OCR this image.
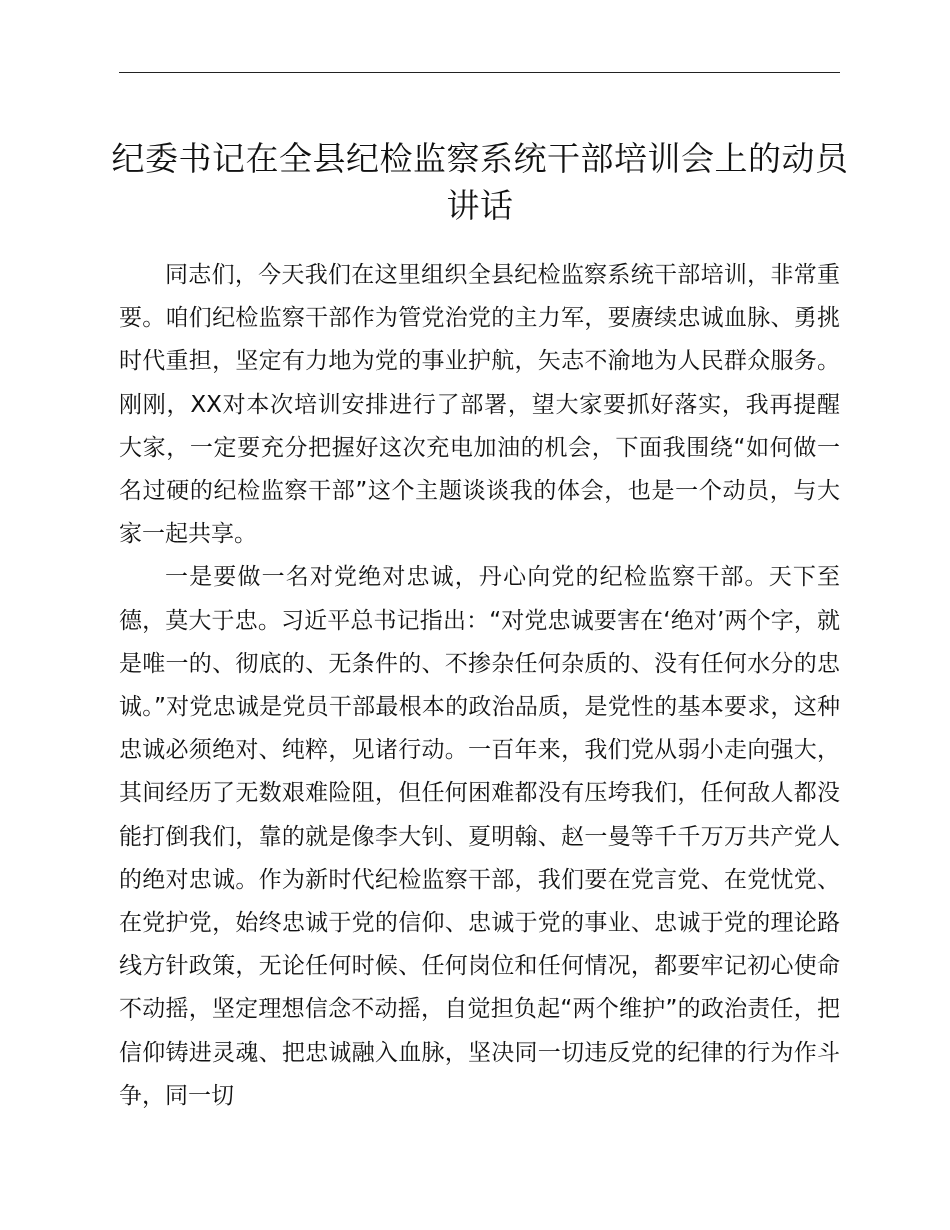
纪委书记在全县纪检监察系统干部培训会上的动员讲话

同志们，今天我们在这里组织全县纪检监察系统干部培训，非常重要。咱们纪检监察干部作为管党治党的主力军，要赓续忠诚血脉、勇挑时代重担，坚定有力地为党的事业护航，矢志不渝地为人民群众服务。刚刚，XX对本次培训安排进行了部署，望大家要抓好落实，我再提醒大家，一定要充分把握好这次充电加油的机会，下面我围绕“如何做一名过硬的纪检监察干部”这个主题谈谈我的体会，也是一个动员，与大家一起共享。

一是要做一名对党绝对忠诚，丹心向党的纪检监察干部。天下至德，莫大于忠。习近平总书记指出：“对党忠诚要害在‘绝对’两个字，就是唯一的、彻底的、无条件的、不掺杂任何杂质的、没有任何水分的忠诚。”对党忠诚是党员干部最根本的政治品质，是党性的基本要求，这种忠诚必须绝对、纯粹，见诸行动。一百年来，我们党从弱小走向强大，其间经历了无数艰难险阻，但任何困难都没有压垮我们，任何敌人都没能打倒我们，靠的就是像李大钊、夏明翰、赵一曼等千千万万共产党人的绝对忠诚。作为新时代纪检监察干部，我们要在党言党、在党忧党、在党护党，始终忠诚于党的信仰、忠诚于党的事业、忠诚于党的理论路线方针政策，无论任何时候、任何岗位和任何情况，都要牢记初心使命不动摇，坚定理想信念不动摇，自觉担负起“两个维护”的政治责任，把信仰铸进灵魂、把忠诚融入血脉，坚决同一切违反党的纪律的行为作斗争，同一切
